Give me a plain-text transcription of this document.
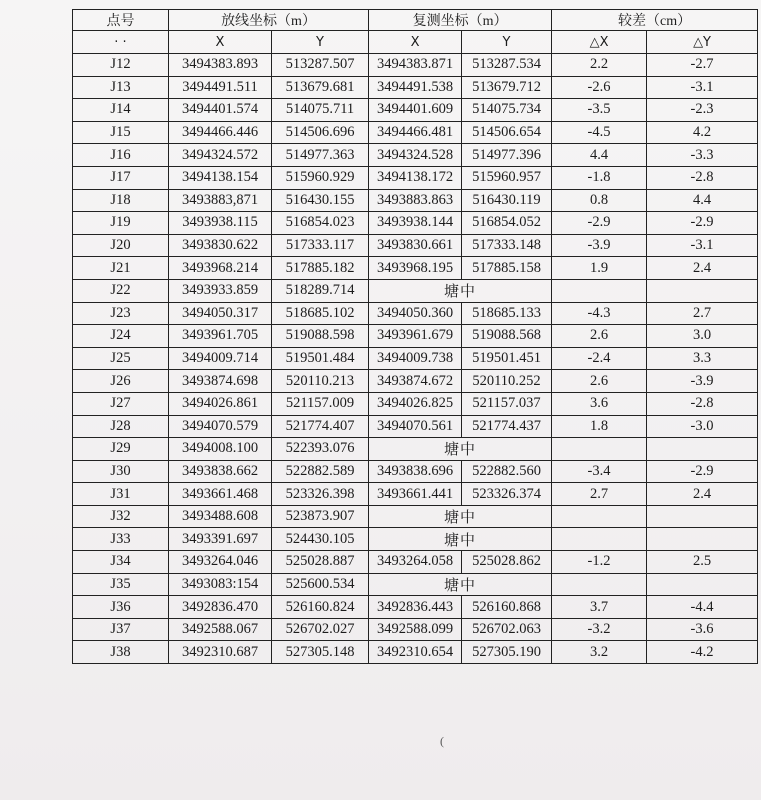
点号	放线坐标（m）		复测坐标（m）		较差（cm）	
· ·	X	Y	X	Y	△X	△Y
J12	3494383.893	513287.507	3494383.871	513287.534	2.2	-2.7
J13	3494491.511	513679.681	3494491.538	513679.712	-2.6	-3.1
J14	3494401.574	514075.711	3494401.609	514075.734	-3.5	-2.3
J15	3494466.446	514506.696	3494466.481	514506.654	-4.5	4.2
J16	3494324.572	514977.363	3494324.528	514977.396	4.4	-3.3
J17	3494138.154	515960.929	3494138.172	515960.957	-1.8	-2.8
J18	3493883,871	516430.155	3493883.863	516430.119	0.8	4.4
J19	3493938.115	516854.023	3493938.144	516854.052	-2.9	-2.9
J20	3493830.622	517333.117	3493830.661	517333.148	-3.9	-3.1
J21	3493968.214	517885.182	3493968.195	517885.158	1.9	2.4
J22	3493933.859	518289.714	塘中			
J23	3494050.317	518685.102	3494050.360	518685.133	-4.3	2.7
J24	3493961.705	519088.598	3493961.679	519088.568	2.6	3.0
J25	3494009.714	519501.484	3494009.738	519501.451	-2.4	3.3
J26	3493874.698	520110.213	3493874.672	520110.252	2.6	-3.9
J27	3494026.861	521157.009	3494026.825	521157.037	3.6	-2.8
J28	3494070.579	521774.407	3494070.561	521774.437	1.8	-3.0
J29	3494008.100	522393.076	塘中			
J30	3493838.662	522882.589	3493838.696	522882.560	-3.4	-2.9
J31	3493661.468	523326.398	3493661.441	523326.374	2.7	2.4
J32	3493488.608	523873.907	塘中			
J33	3493391.697	524430.105	塘中			
J34	3493264.046	525028.887	3493264.058	525028.862	-1.2	2.5
J35	3493083:154	525600.534	塘中			
J36	3492836.470	526160.824	3492836.443	526160.868	3.7	-4.4
J37	3492588.067	526702.027	3492588.099	526702.063	-3.2	-3.6
J38	3492310.687	527305.148	3492310.654	527305.190	3.2	-4.2
(
